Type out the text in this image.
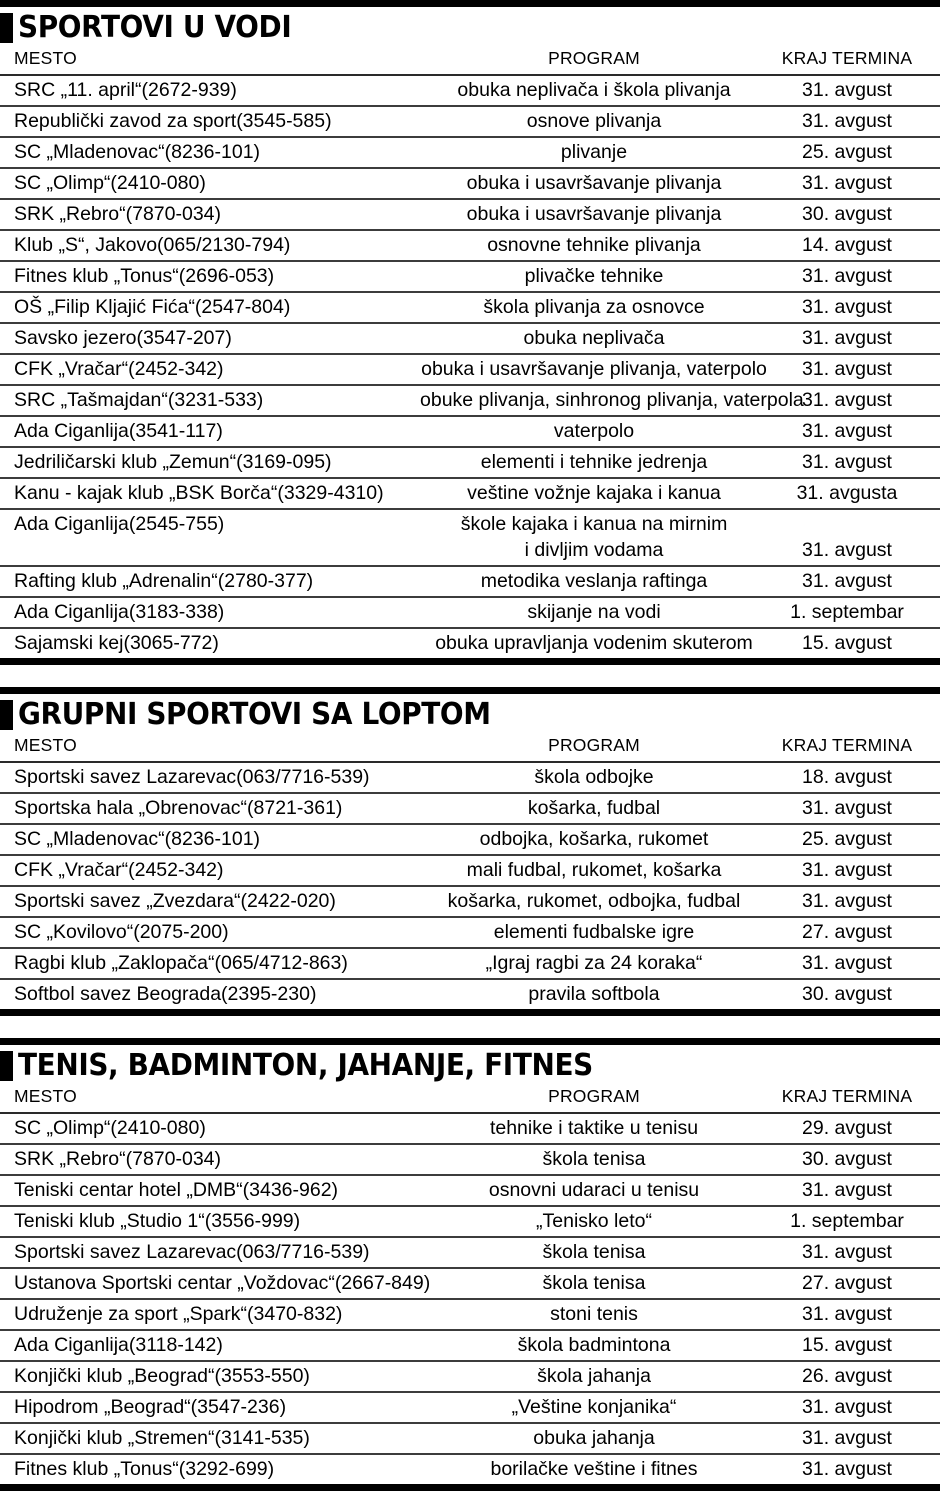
SPORTOVI U VODI
MESTO	PROGRAM	KRAJ TERMINA
SRC „11. april“(2672-939)	obuka neplivača i škola plivanja	31. avgust
Republički zavod za sport(3545-585)	osnove plivanja	31. avgust
SC „Mladenovac“(8236-101)	plivanje	25. avgust
SC „Olimp“(2410-080)	obuka i usavršavanje plivanja	31. avgust
SRK „Rebro“(7870-034)	obuka i usavršavanje plivanja	30. avgust
Klub „S“, Jakovo(065/2130-794)	osnovne tehnike plivanja	14. avgust
Fitnes klub „Tonus“(2696-053)	plivačke tehnike	31. avgust
OŠ „Filip Kljajić Fića“(2547-804)	škola plivanja za osnovce	31. avgust
Savsko jezero(3547-207)	obuka neplivača	31. avgust
CFK „Vračar“(2452-342)	obuka i usavršavanje plivanja, vaterpolo	31. avgust
SRC „Tašmajdan“(3231-533)	obuke plivanja, sinhronog plivanja, vaterpola	31. avgust
Ada Ciganlija(3541-117)	vaterpolo	31. avgust
Jedriličarski klub „Zemun“(3169-095)	elementi i tehnike jedrenja	31. avgust
Kanu - kajak klub „BSK Borča“(3329-4310)	veštine vožnje kajaka i kanua	31. avgusta
Ada Ciganlija(2545-755)	škole kajaka i kanua na mirnim
i divljim vodama	31. avgust
Rafting klub „Adrenalin“(2780-377)	metodika veslanja raftinga	31. avgust
Ada Ciganlija(3183-338)	skijanje na vodi	1. septembar
Sajamski kej(3065-772)	obuka upravljanja vodenim skuterom	15. avgust
GRUPNI SPORTOVI SA LOPTOM
MESTO	PROGRAM	KRAJ TERMINA
Sportski savez Lazarevac(063/7716-539)	škola odbojke	18. avgust
Sportska hala „Obrenovac“(8721-361)	košarka, fudbal	31. avgust
SC „Mladenovac“(8236-101)	odbojka, košarka, rukomet	25. avgust
CFK „Vračar“(2452-342)	mali fudbal, rukomet, košarka	31. avgust
Sportski savez „Zvezdara“(2422-020)	košarka, rukomet, odbojka, fudbal	31. avgust
SC „Kovilovo“(2075-200)	elementi fudbalske igre	27. avgust
Ragbi klub „Zaklopača“(065/4712-863)	„Igraj ragbi za 24 koraka“	31. avgust
Softbol savez Beograda(2395-230)	pravila softbola	30. avgust
TENIS, BADMINTON, JAHANJE, FITNES
MESTO	PROGRAM	KRAJ TERMINA
SC „Olimp“(2410-080)	tehnike i taktike u tenisu	29. avgust
SRK „Rebro“(7870-034)	škola tenisa	30. avgust
Teniski centar hotel „DMB“(3436-962)	osnovni udaraci u tenisu	31. avgust
Teniski klub „Studio 1“(3556-999)	„Tenisko leto“	1. septembar
Sportski savez Lazarevac(063/7716-539)	škola tenisa	31. avgust
Ustanova Sportski centar „Voždovac“(2667-849)	škola tenisa	27. avgust
Udruženje za sport „Spark“(3470-832)	stoni tenis	31. avgust
Ada Ciganlija(3118-142)	škola badmintona	15. avgust
Konjički klub „Beograd“(3553-550)	škola jahanja	26. avgust
Hipodrom „Beograd“(3547-236)	„Veštine konjanika“	31. avgust
Konjički klub „Stremen“(3141-535)	obuka jahanja	31. avgust
Fitnes klub „Tonus“(3292-699)	borilačke veštine i fitnes	31. avgust
